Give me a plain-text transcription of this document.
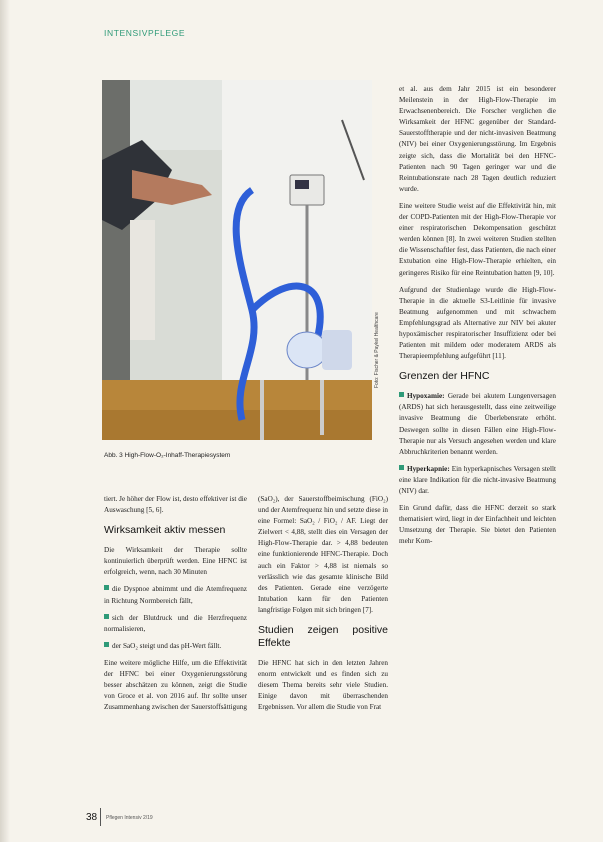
INTENSIVPFLEGE
Foto: Fischer & Paykel Healthcare
Abb. 3 High-Flow-O₂-Inhaff-Therapiesystem

tiert. Je höher der Flow ist, desto effektiver ist die Auswaschung [5, 6].

Wirksamkeit aktiv messen

Die Wirksamkeit der Therapie sollte kontinuierlich überprüft werden. Eine HFNC ist erfolgreich, wenn, nach 30 Minuten

die Dyspnoe abnimmt und die Atemfrequenz in Richtung Normbereich fällt,

sich der Blutdruck und die Herzfrequenz normalisieren,

der SaO₂ steigt und das pH-Wert fällt.

Eine weitere mögliche Hilfe, um die Effektivität der HFNC bei einer Oxygenierungsstörung besser abschätzen zu können, zeigt die Studie von Groce et al. von 2016 auf. Ihr sollte unser Zusammenhang zwischen der Sauerstoffsättigung

(SaO₂), der Sauerstoffbeimischung (FiO₂) und der Atemfrequenz hin und setzte diese in eine Formel: SaO₂ / FiO₂ / AF. Liegt der Zielwert < 4,88, stellt dies ein Versagen der High-Flow-Therapie dar. > 4,88 bedeuten eine funktionierende HFNC-Therapie. Doch auch ein Faktor > 4,88 ist niemals so verlässlich wie das gesamte klinische Bild des Patienten. Gerade eine verzögerte Intubation kann für den Patienten langfristige Folgen mit sich bringen [7].

Studien zeigen positive Effekte

Die HFNC hat sich in den letzten Jahren enorm entwickelt und es finden sich zu diesem Thema bereits sehr viele Studien. Einige davon mit überraschenden Ergebnissen. Vor allem die Studie von Frat

et al. aus dem Jahr 2015 ist ein besonderer Meilenstein in der High-Flow-Therapie im Erwachsenenbereich. Die Forscher verglichen die Wirksamkeit der HFNC gegenüber der Standard-Sauerstofftherapie und der nicht-invasiven Beatmung (NIV) bei einer Oxygenierungsstörung. Im Ergebnis zeigte sich, dass die Mortalität bei den HFNC-Patienten nach 90 Tagen geringer war und die Reintubationsrate nach 28 Tagen deutlich reduziert wurde.

Eine weitere Studie weist auf die Effektivität hin, mit der COPD-Patienten mit der High-Flow-Therapie vor einer respiratorischen Dekompensation geschützt werden können [8]. In zwei weiteren Studien stellten die Wissenschaftler fest, dass Patienten, die nach einer Extubation eine High-Flow-Therapie erhielten, ein geringeres Risiko für eine Reintubation hatten [9, 10].

Aufgrund der Studienlage wurde die High-Flow-Therapie in die aktuelle S3-Leitlinie für invasive Beatmung aufgenommen und mit schwachem Empfehlungsgrad als Alternative zur NIV bei akuter hypoxämischer respiratorischer Insuffizienz oder bei Patienten mit mildem oder moderatem ARDS als Therapieempfehlung aufgeführt [11].

Grenzen der HFNC

Hypoxamie: Gerade bei akutem Lungenversagen (ARDS) hat sich herausgestellt, dass eine zeitweilige invasive Beatmung die Überlebensrate erhöht. Deswegen sollte in diesen Fällen eine High-Flow-Therapie nur als Versuch angesehen werden und klare Abbruchkriterien benannt werden.

Hyperkapnie: Ein hyperkapnisches Versagen stellt eine klare Indikation für die nicht-invasive Beatmung (NIV) dar.

Ein Grund dafür, dass die HFNC derzeit so stark thematisiert wird, liegt in der Einfachheit und leichten Umsetzung der Therapie. Sie bietet den Patienten mehr Kom-

38 Pflegen Intensiv 2/19
